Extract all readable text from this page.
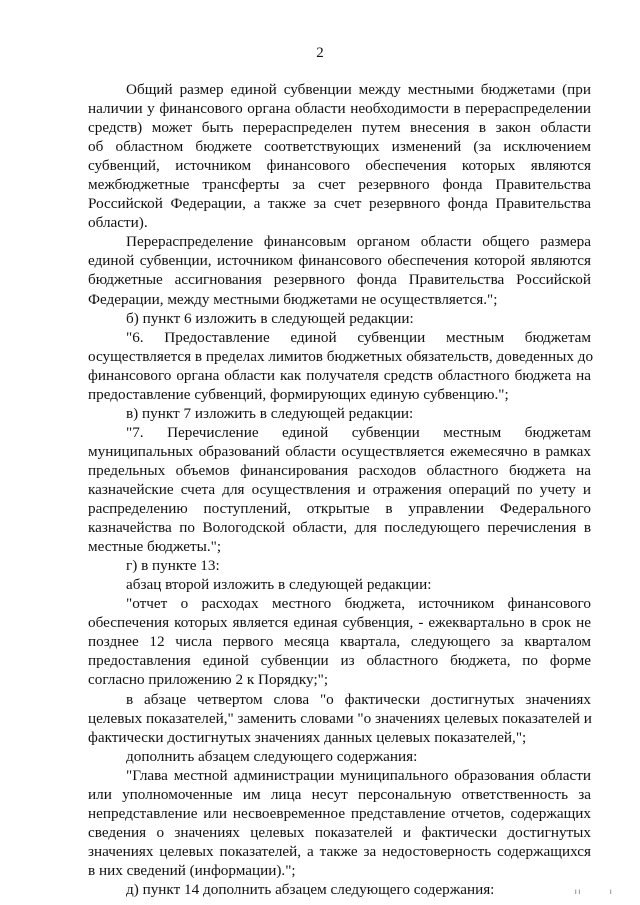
2
Общий размер единой субвенции между местными бюджетами (при
наличии у финансового органа области необходимости в перераспределении
средств) может быть перераспределен путем внесения в закон области
об областном бюджете соответствующих изменений (за исключением
субвенций, источником финансового обеспечения которых являются
межбюджетные трансферты за счет резервного фонда Правительства
Российской Федерации, а также за счет резервного фонда Правительства
области).
Перераспределение финансовым органом области общего размера
единой субвенции, источником финансового обеспечения которой являются
бюджетные ассигнования резервного фонда Правительства Российской
Федерации, между местными бюджетами не осуществляется.";
б) пункт 6 изложить в следующей редакции:
"6. Предоставление единой субвенции местным бюджетам
осуществляется в пределах лимитов бюджетных обязательств, доведенных до
финансового органа области как получателя средств областного бюджета на
предоставление субвенций, формирующих единую субвенцию.";
в) пункт 7 изложить в следующей редакции:
"7. Перечисление единой субвенции местным бюджетам
муниципальных образований области осуществляется ежемесячно в рамках
предельных объемов финансирования расходов областного бюджета на
казначейские счета для осуществления и отражения операций по учету и
распределению поступлений, открытые в управлении Федерального
казначейства по Вологодской области, для последующего перечисления в
местные бюджеты.";
г) в пункте 13:
абзац второй изложить в следующей редакции:
"отчет о расходах местного бюджета, источником финансового
обеспечения которых является единая субвенция, - ежеквартально в срок не
позднее 12 числа первого месяца квартала, следующего за кварталом
предоставления единой субвенции из областного бюджета, по форме
согласно приложению 2 к Порядку;";
в абзаце четвертом слова "о фактически достигнутых значениях
целевых показателей," заменить словами "о значениях целевых показателей и
фактически достигнутых значениях данных целевых показателей,";
дополнить абзацем следующего содержания:
"Глава местной администрации муниципального образования области
или уполномоченные им лица несут персональную ответственность за
непредставление или несвоевременное представление отчетов, содержащих
сведения о значениях целевых показателей и фактически достигнутых
значениях целевых показателей, а также за недостоверность содержащихся
в них сведений (информации).";
д) пункт 14 дополнить абзацем следующего содержания:	I I	I
